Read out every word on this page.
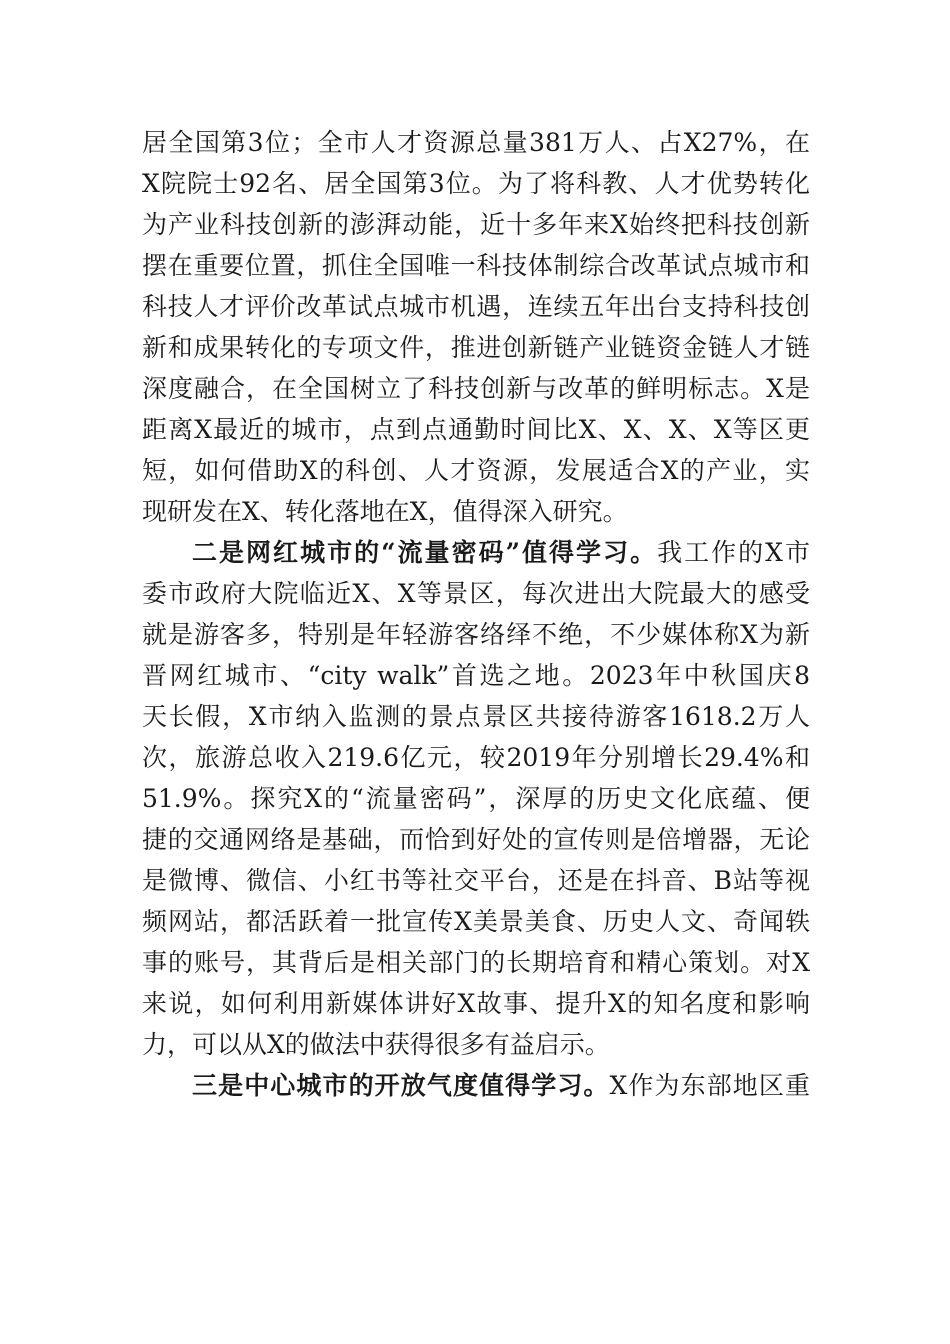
居全国第3位；全市人才资源总量381万人、占X27%，在
X院院士92名、居全国第3位。为了将科教、人才优势转化
为产业科技创新的澎湃动能，近十多年来X始终把科技创新
摆在重要位置，抓住全国唯一科技体制综合改革试点城市和
科技人才评价改革试点城市机遇，连续五年出台支持科技创
新和成果转化的专项文件，推进创新链产业链资金链人才链
深度融合，在全国树立了科技创新与改革的鲜明标志。X是
距离X最近的城市，点到点通勤时间比X、X、X、X等区更
短，如何借助X的科创、人才资源，发展适合X的产业，实
现研发在X、转化落地在X，值得深入研究。
二是网红城市的“流量密码”值得学习。我工作的X市
委市政府大院临近X、X等景区，每次进出大院最大的感受
就是游客多，特别是年轻游客络绎不绝，不少媒体称X为新
晋网红城市、“city walk”首选之地。2023年中秋国庆8
天长假，X市纳入监测的景点景区共接待游客1618.2万人
次，旅游总收入219.6亿元，较2019年分别增长29.4%和
51.9%。探究X的“流量密码”，深厚的历史文化底蕴、便
捷的交通网络是基础，而恰到好处的宣传则是倍增器，无论
是微博、微信、小红书等社交平台，还是在抖音、B站等视
频网站，都活跃着一批宣传X美景美食、历史人文、奇闻轶
事的账号，其背后是相关部门的长期培育和精心策划。对X
来说，如何利用新媒体讲好X故事、提升X的知名度和影响
力，可以从X的做法中获得很多有益启示。
三是中心城市的开放气度值得学习。X作为东部地区重
